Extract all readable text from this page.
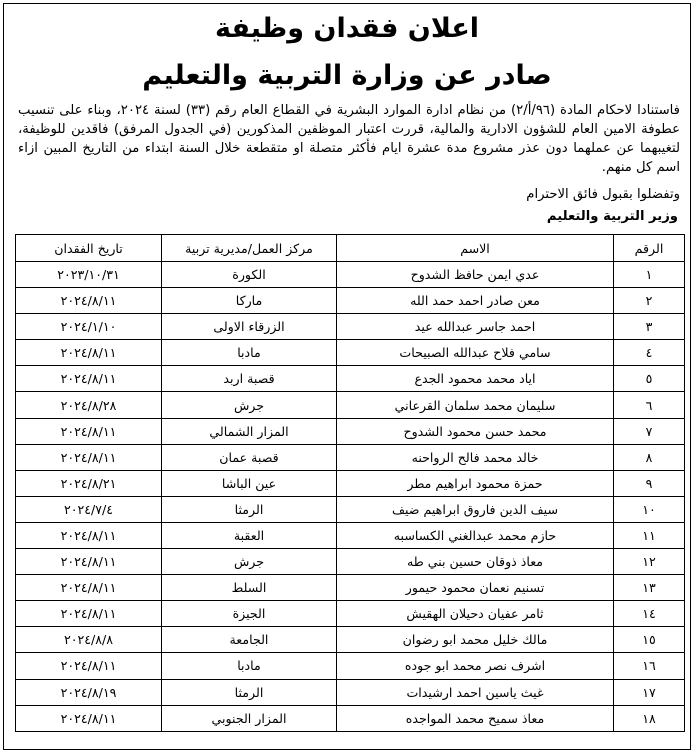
اعلان فقدان وظيفة
صادر عن وزارة التربية والتعليم

فاستنادا لاحكام المادة (٩٦/أ/٢) من نظام ادارة الموارد البشرية في القطاع العام رقم (٣٣) لسنة ٢٠٢٤، وبناء على تنسيب عطوفة الامين العام للشؤون الادارية والمالية، قررت اعتبار الموظفين المذكورين (في الجدول المرفق) فاقدين للوظيفة، لتغيبهما عن عملهما دون عذر مشروع مدة عشرة ايام فأكثر متصلة او متقطعة خلال السنة ابتداء من التاريخ المبين ازاء اسم كل منهم.

وتفضلوا بقبول فائق الاحترام
وزير التربية والتعليم
الرقم	الاسم	مركز العمل/مديرية تربية	تاريخ الفقدان
١	عدي ايمن حافظ الشدوح	الكورة	٢٠٢٣/١٠/٣١
٢	معن صادر احمد حمد الله	ماركا	٢٠٢٤/٨/١١
٣	احمد جاسر عبدالله عيد	الزرقاء الاولى	٢٠٢٤/١/١٠
٤	سامي فلاح عبدالله الصبيحات	مادبا	٢٠٢٤/٨/١١
٥	اياد محمد محمود الجدع	قصبة اربد	٢٠٢٤/٨/١١
٦	سليمان محمد سلمان القرعاني	جرش	٢٠٢٤/٨/٢٨
٧	محمد حسن محمود الشدوح	المزار الشمالي	٢٠٢٤/٨/١١
٨	خالد محمد فالح الرواحنه	قصبة عمان	٢٠٢٤/٨/١١
٩	حمزة محمود ابراهيم مطر	عين الباشا	٢٠٢٤/٨/٢١
١٠	سيف الدين فاروق ابراهيم ضيف	الرمثا	٢٠٢٤/٧/٤
١١	حازم محمد عبدالغني الكساسبه	العقبة	٢٠٢٤/٨/١١
١٢	معاذ ذوقان حسين بني طه	جرش	٢٠٢٤/٨/١١
١٣	تسنيم نعمان محمود حيمور	السلط	٢٠٢٤/٨/١١
١٤	ثامر عفيان دحيلان الهقيش	الجيزة	٢٠٢٤/٨/١١
١٥	مالك خليل محمد ابو رضوان	الجامعة	٢٠٢٤/٨/٨
١٦	اشرف نصر محمد ابو جوده	مادبا	٢٠٢٤/٨/١١
١٧	غيث ياسين احمد ارشيدات	الرمثا	٢٠٢٤/٨/١٩
١٨	معاذ سميح محمد المواجده	المزار الجنوبي	٢٠٢٤/٨/١١
